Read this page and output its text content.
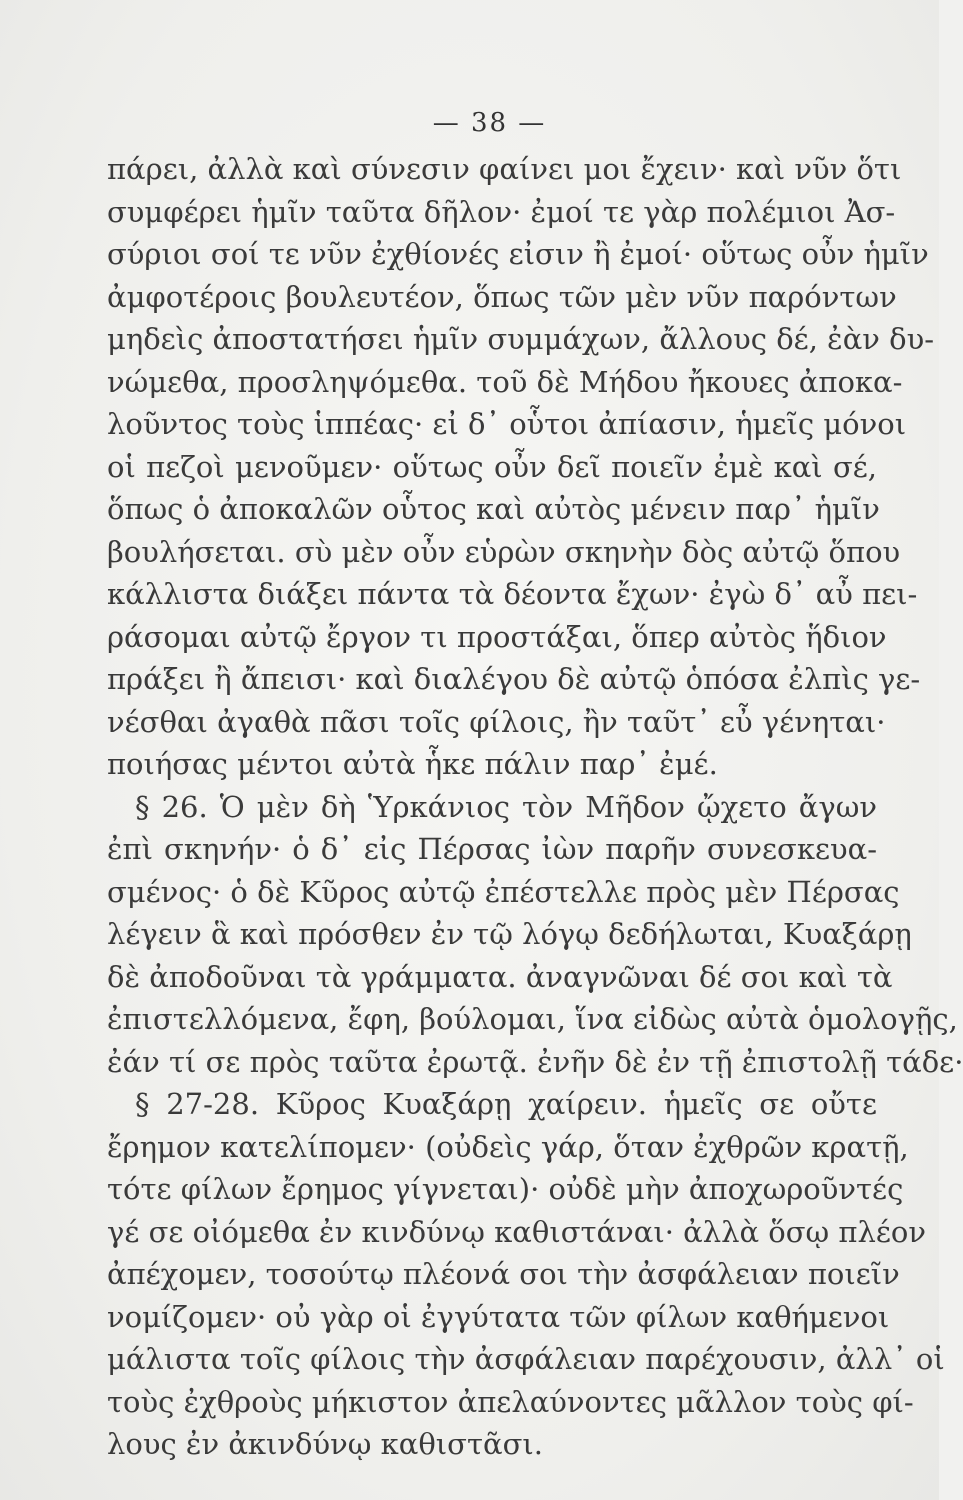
— 38 —
πάρει, ἀλλὰ καὶ σύνεσιν φαίνει μοι ἔχειν· καὶ νῦν ὅτι
συμφέρει ἡμῖν ταῦτα δῆλον· ἐμοί τε γὰρ πολέμιοι Ἀσ-
σύριοι σοί τε νῦν ἐχθίονές εἰσιν ἢ ἐμοί· οὕτως οὖν ἡμῖν
ἀμφοτέροις βουλευτέον, ὅπως τῶν μὲν νῦν παρόντων
μηδεὶς ἀποστατήσει ἡμῖν συμμάχων, ἄλλους δέ, ἐὰν δυ-
νώμεθα, προσληψόμεθα. τοῦ δὲ Μήδου ἤκουες ἀποκα-
λοῦντος τοὺς ἱππέας· εἰ δ᾽ οὗτοι ἀπίασιν, ἡμεῖς μόνοι
οἱ πεζοὶ μενοῦμεν· οὕτως οὖν δεῖ ποιεῖν ἐμὲ καὶ σέ,
ὅπως ὁ ἀποκαλῶν οὗτος καὶ αὐτὸς μένειν παρ᾽ ἡμῖν
βουλήσεται. σὺ μὲν οὖν εὑρὼν σκηνὴν δὸς αὐτῷ ὅπου
κάλλιστα διάξει πάντα τὰ δέοντα ἔχων· ἐγὼ δ᾽ αὖ πει-
ράσομαι αὐτῷ ἔργον τι προστάξαι, ὅπερ αὐτὸς ἥδιον
πράξει ἢ ἄπεισι· καὶ διαλέγου δὲ αὐτῷ ὁπόσα ἐλπὶς γε-
νέσθαι ἀγαθὰ πᾶσι τοῖς φίλοις, ἢν ταῦτ᾽ εὖ γένηται·
ποιήσας μέντοι αὐτὰ ἧκε πάλιν παρ᾽ ἐμέ.
§ 26. Ὁ μὲν δὴ Ὑρκάνιος τὸν Μῆδον ᾤχετο ἄγων
ἐπὶ σκηνήν· ὁ δ᾽ εἰς Πέρσας ἰὼν παρῆν συνεσκευα-
σμένος· ὁ δὲ Κῦρος αὐτῷ ἐπέστελλε πρὸς μὲν Πέρσας
λέγειν ἃ καὶ πρόσθεν ἐν τῷ λόγῳ δεδήλωται, Κυαξάρῃ
δὲ ἀποδοῦναι τὰ γράμματα. ἀναγνῶναι δέ σοι καὶ τὰ
ἐπιστελλόμενα, ἔφη, βούλομαι, ἵνα εἰδὼς αὐτὰ ὁμολογῇς,
ἐάν τί σε πρὸς ταῦτα ἐρωτᾷ. ἐνῆν δὲ ἐν τῇ ἐπιστολῇ τάδε·
§ 27-28. Κῦρος Κυαξάρῃ χαίρειν. ἡμεῖς σε οὔτε
ἔρημον κατελίπομεν· (οὐδεὶς γάρ, ὅταν ἐχθρῶν κρατῇ,
τότε φίλων ἔρημος γίγνεται)· οὐδὲ μὴν ἀποχωροῦντές
γέ σε οἰόμεθα ἐν κινδύνῳ καθιστάναι· ἀλλὰ ὅσῳ πλέον
ἀπέχομεν, τοσούτῳ πλέονά σοι τὴν ἀσφάλειαν ποιεῖν
νομίζομεν· οὐ γὰρ οἱ ἐγγύτατα τῶν φίλων καθήμενοι
μάλιστα τοῖς φίλοις τὴν ἀσφάλειαν παρέχουσιν, ἀλλ᾽ οἱ
τοὺς ἐχθροὺς μήκιστον ἀπελαύνοντες μᾶλλον τοὺς φί-
λους ἐν ἀκινδύνῳ καθιστᾶσι.
